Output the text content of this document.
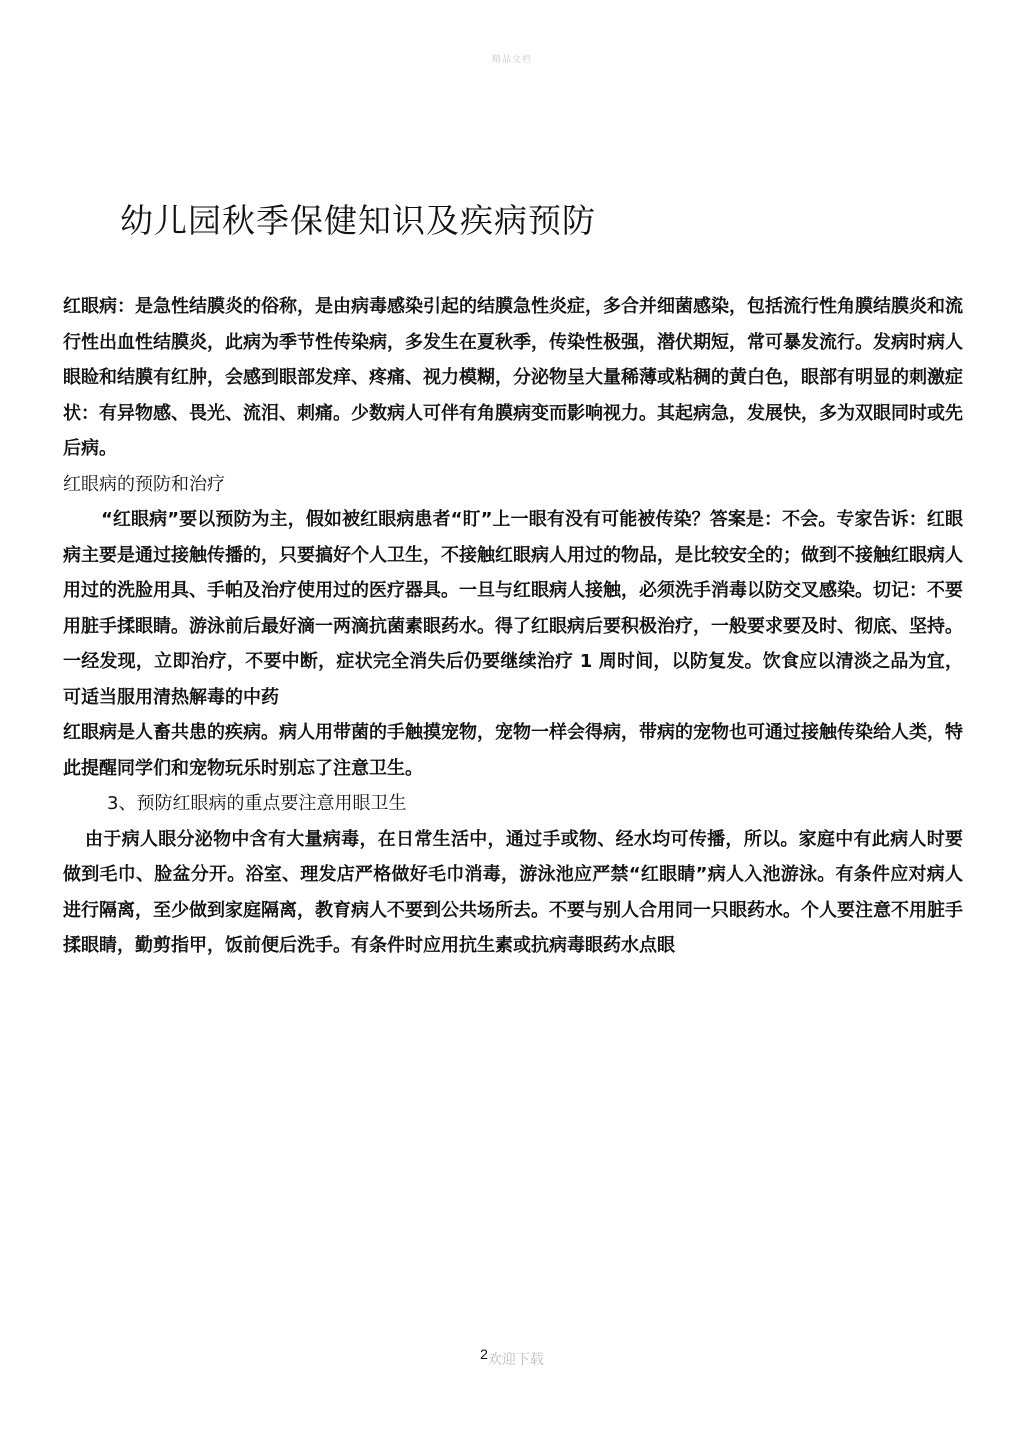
精品文档
幼儿园秋季保健知识及疾病预防

红眼病：是急性结膜炎的俗称，是由病毒感染引起的结膜急性炎症，多合并细菌感染，包括流行性角膜结膜炎和流行性出血性结膜炎，此病为季节性传染病，多发生在夏秋季，传染性极强，潜伏期短，常可暴发流行。发病时病人眼睑和结膜有红肿，会感到眼部发痒、疼痛、视力模糊，分泌物呈大量稀薄或粘稠的黄白色，眼部有明显的刺激症状：有异物感、畏光、流泪、刺痛。少数病人可伴有角膜病变而影响视力。其起病急，发展快，多为双眼同时或先后病。

红眼病的预防和治疗

“红眼病”要以预防为主，假如被红眼病患者“盯”上一眼有没有可能被传染？答案是：不会。专家告诉：红眼病主要是通过接触传播的，只要搞好个人卫生，不接触红眼病人用过的物品，是比较安全的；做到不接触红眼病人用过的洗脸用具、手帕及治疗使用过的医疗器具。一旦与红眼病人接触，必须洗手消毒以防交叉感染。切记：不要用脏手揉眼睛。游泳前后最好滴一两滴抗菌素眼药水。得了红眼病后要积极治疗，一般要求要及时、彻底、坚持。一经发现，立即治疗，不要中断，症状完全消失后仍要继续治疗 1 周时间，以防复发。饮食应以清淡之品为宜，可适当服用清热解毒的中药

红眼病是人畜共患的疾病。病人用带菌的手触摸宠物，宠物一样会得病，带病的宠物也可通过接触传染给人类，特此提醒同学们和宠物玩乐时别忘了注意卫生。

3、预防红眼病的重点要注意用眼卫生

由于病人眼分泌物中含有大量病毒，在日常生活中，通过手或物、经水均可传播，所以。家庭中有此病人时要做到毛巾、脸盆分开。浴室、理发店严格做好毛巾消毒，游泳池应严禁“红眼睛”病人入池游泳。有条件应对病人进行隔离，至少做到家庭隔离，教育病人不要到公共场所去。不要与别人合用同一只眼药水。个人要注意不用脏手揉眼睛，勤剪指甲，饭前便后洗手。有条件时应用抗生素或抗病毒眼药水点眼

2欢迎下载
